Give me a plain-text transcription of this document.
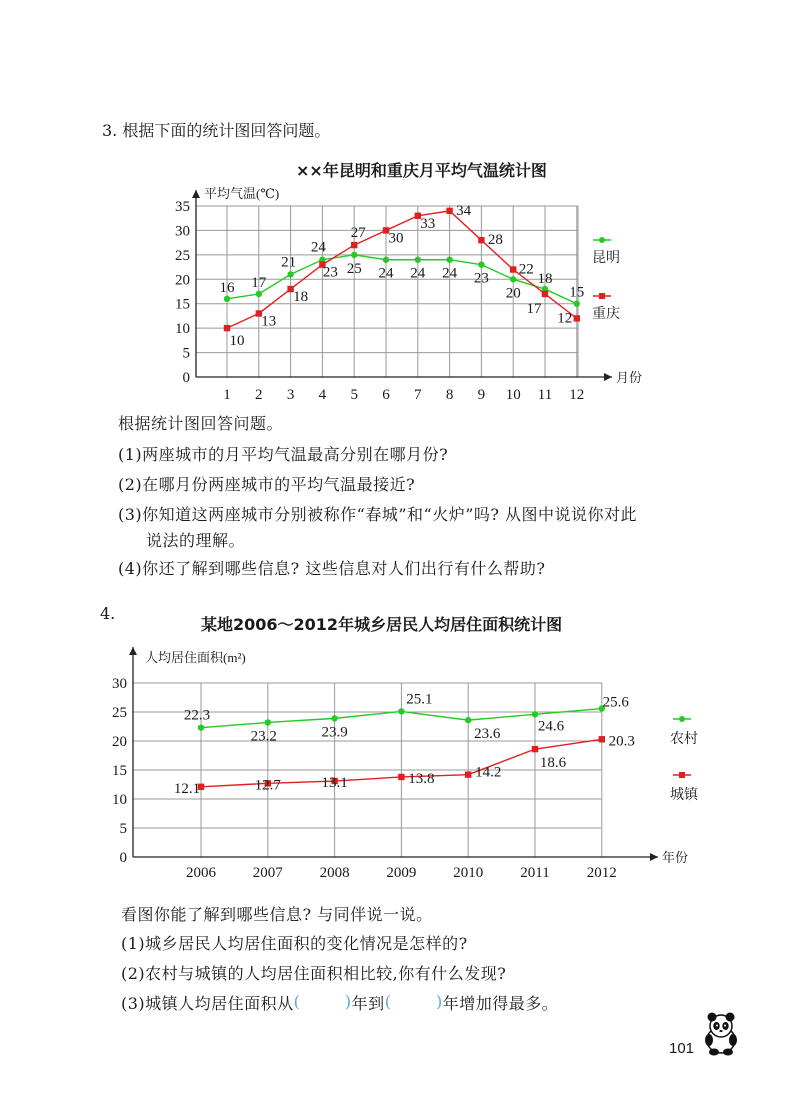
3. 根据下面的统计图回答问题。
××年昆明和重庆月平均气温统计图
0
5
10
15
20
25
30
35
1 2 3 4 5 6 7 8 9 10 11 12
平均气温(℃)
月份
16 17
21
24
25 24 24 24 23
20
18
15
昆明
10
13
18
23
27 30
33
34
28
22
17
12 重庆
0
5
10
15
20
25
30
2006 2007 2008 2009 2010 2011 2012
人均居住面积(m²)
年份
22.3
23.2	23.9
25.1
23.6	24.6
25.6
农村
12.1	12.7	13.1	13.8	14.2
18.6
20.3
城镇
根据统计图回答问题。
(1)两座城市的月平均气温最高分别在哪月份?
(2)在哪月份两座城市的平均气温最接近?
(3)你知道这两座城市分别被称作“春城”和“火炉”吗? 从图中说说你对此
说法的理解。
(4)你还了解到哪些信息? 这些信息对人们出行有什么帮助?
4.
某地2006～2012年城乡居民人均居住面积统计图
看图你能了解到哪些信息? 与同伴说一说。
(1)城乡居民人均居住面积的变化情况是怎样的?
(2)农村与城镇的人均居住面积相比较,你有什么发现?
(3)城镇人均居住面积从 ( )	年到 ( )	年增加得最多。
101
